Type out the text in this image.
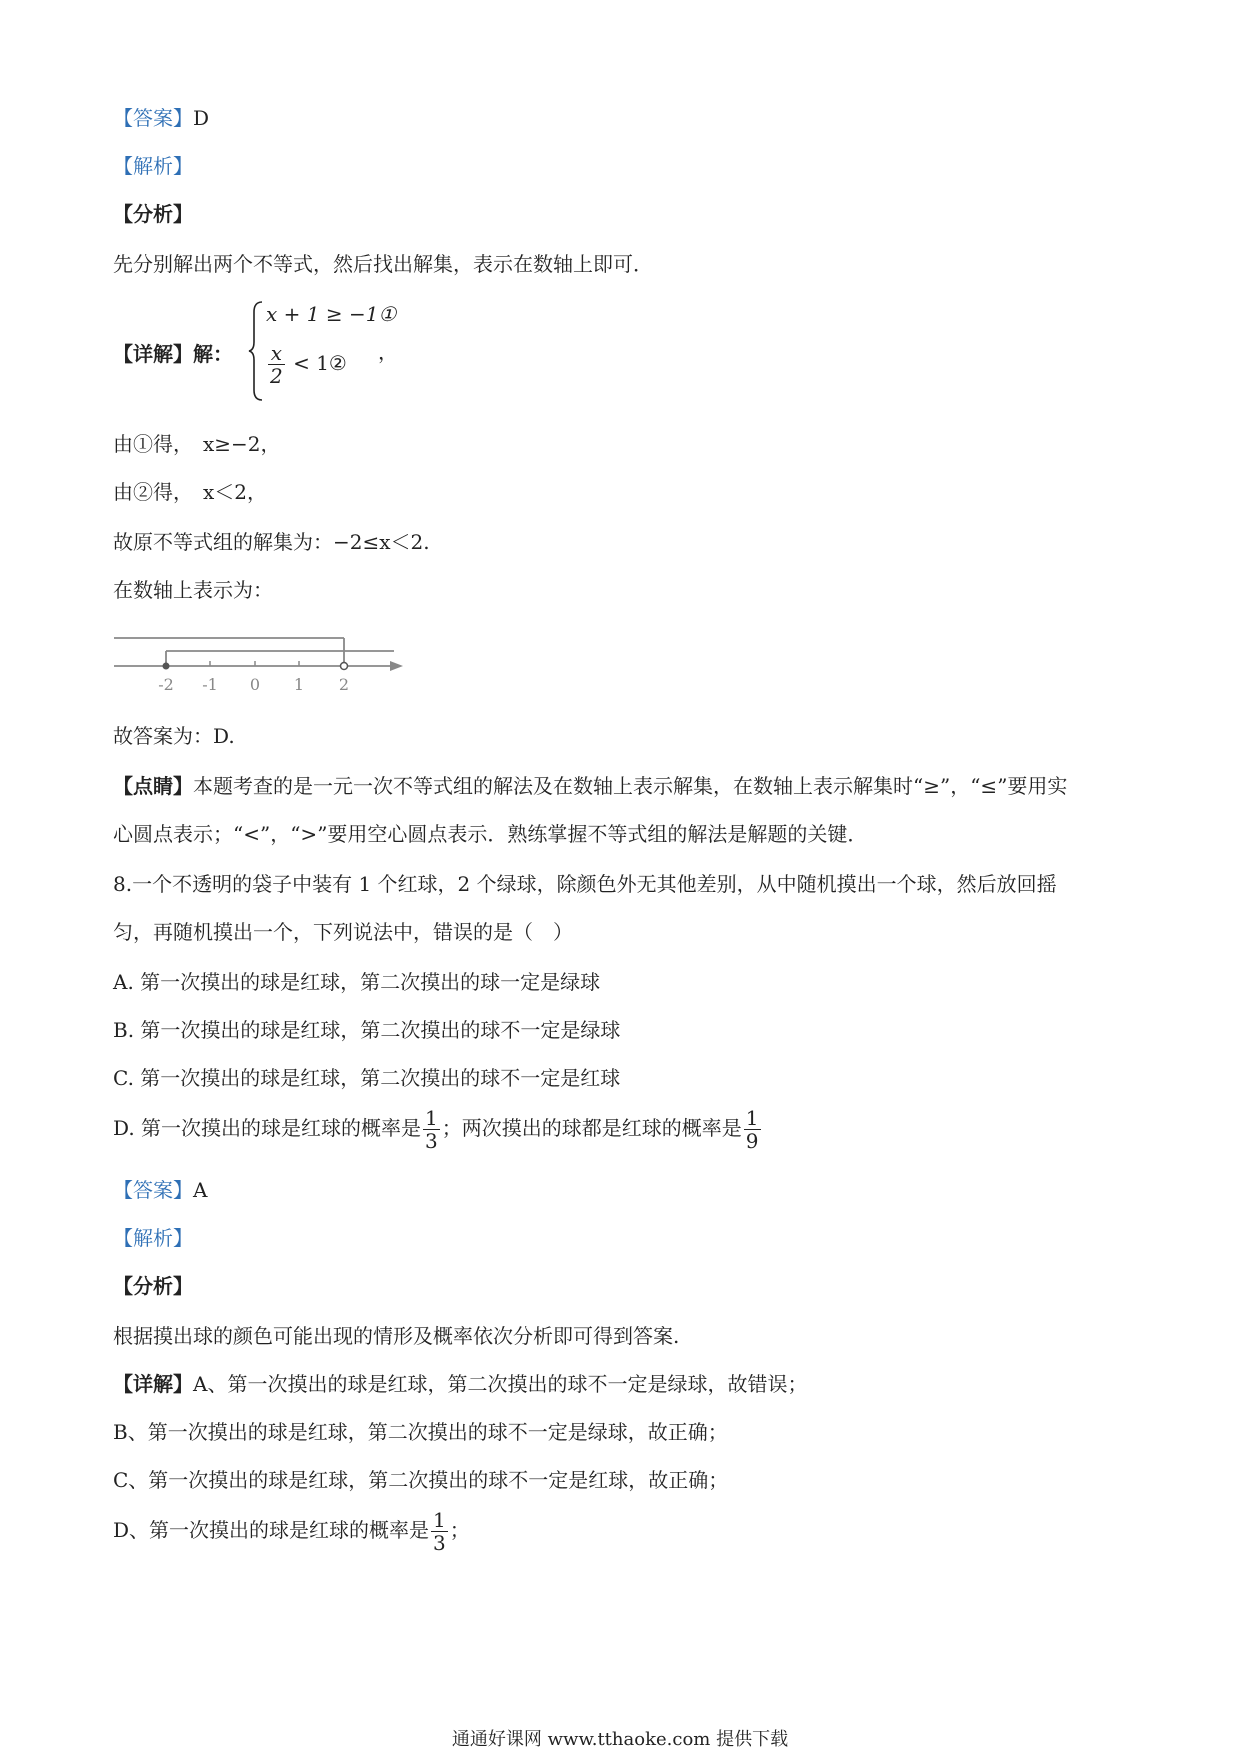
【答案】D
【解析】
【分析】
先分别解出两个不等式，然后找出解集，表示在数轴上即可．
【详解】解：
x + 1 ≥ −1①
$\frac{x}{2}$ < 1② ，
由①得，　x≥−2，
由②得，　x＜2，
故原不等式组的解集为：−2≤x＜2.
在数轴上表示为：
-2 -1 0 1 2
故答案为：D.
【点睛】本题考查的是一元一次不等式组的解法及在数轴上表示解集，在数轴上表示解集时“≥”，“≤”要用实
心圆点表示；“<”，“>”要用空心圆点表示．熟练掌握不等式组的解法是解题的关键．
8.一个不透明的袋子中装有 1 个红球，2 个绿球，除颜色外无其他差别，从中随机摸出一个球，然后放回摇
匀，再随机摸出一个，下列说法中，错误的是（　）
A. 第一次摸出的球是红球，第二次摸出的球一定是绿球
B. 第一次摸出的球是红球，第二次摸出的球不一定是绿球
C. 第一次摸出的球是红球，第二次摸出的球不一定是红球
D. 第一次摸出的球是红球的概率是 $\frac{1}{3}$ ；两次摸出的球都是红球的概率是 $\frac{1}{9}$
【答案】A
【解析】
【分析】
根据摸出球的颜色可能出现的情形及概率依次分析即可得到答案.
【详解】A、第一次摸出的球是红球，第二次摸出的球不一定是绿球，故错误；
B、第一次摸出的球是红球，第二次摸出的球不一定是绿球，故正确；
C、第一次摸出的球是红球，第二次摸出的球不一定是红球，故正确；
D、第一次摸出的球是红球的概率是 $\frac{1}{3}$ ；
通通好课网 www.tthaoke.com 提供下载
